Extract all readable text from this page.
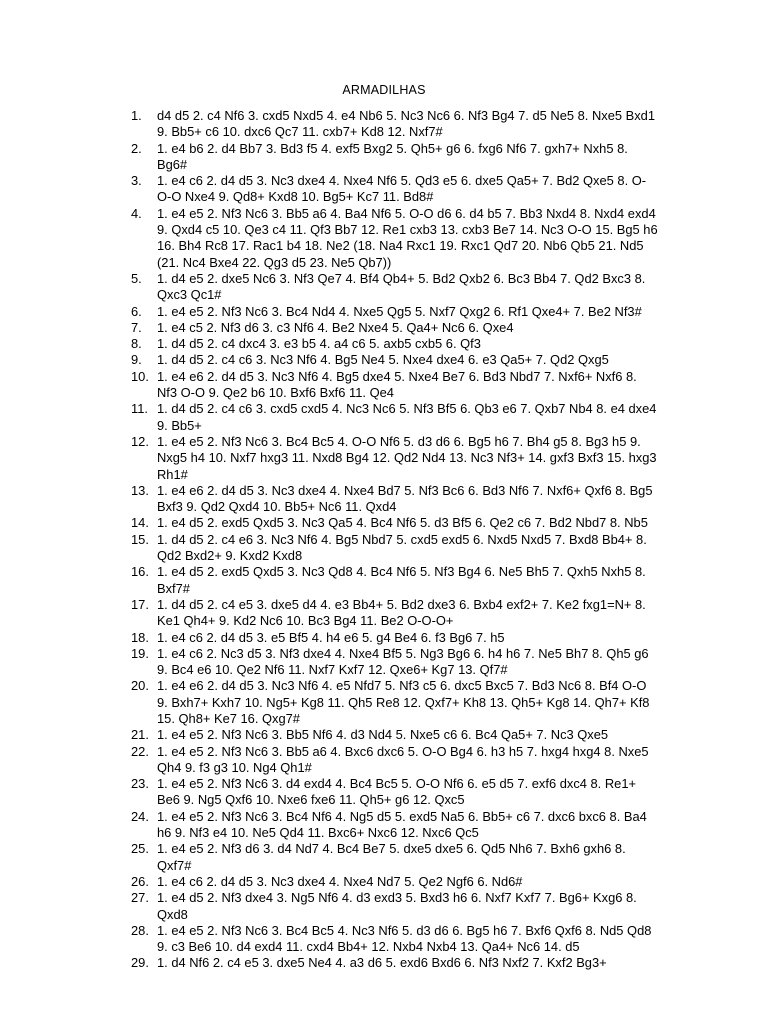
ARMADILHAS
1.	d4 d5 2. c4 Nf6 3. cxd5 Nxd5 4. e4 Nb6 5. Nc3 Nc6 6. Nf3 Bg4 7. d5 Ne5 8. Nxe5 Bxd1
9. Bb5+ c6 10. dxc6 Qc7 11. cxb7+ Kd8 12. Nxf7#
2.	1. e4 b6 2. d4 Bb7 3. Bd3 f5 4. exf5 Bxg2 5. Qh5+ g6 6. fxg6 Nf6 7. gxh7+ Nxh5 8.
Bg6#
3.	1. e4 c6 2. d4 d5 3. Nc3 dxe4 4. Nxe4 Nf6 5. Qd3 e5 6. dxe5 Qa5+ 7. Bd2 Qxe5 8. O-
O-O Nxe4 9. Qd8+ Kxd8 10. Bg5+ Kc7 11. Bd8#
4.	1. e4 e5 2. Nf3 Nc6 3. Bb5 a6 4. Ba4 Nf6 5. O-O d6 6. d4 b5 7. Bb3 Nxd4 8. Nxd4 exd4
9. Qxd4 c5 10. Qe3 c4 11. Qf3 Bb7 12. Re1 cxb3 13. cxb3 Be7 14. Nc3 O-O 15. Bg5 h6
16. Bh4 Rc8 17. Rac1 b4 18. Ne2 (18. Na4 Rxc1 19. Rxc1 Qd7 20. Nb6 Qb5 21. Nd5
(21. Nc4 Bxe4 22. Qg3 d5 23. Ne5 Qb7))
5.	1. d4 e5 2. dxe5 Nc6 3. Nf3 Qe7 4. Bf4 Qb4+ 5. Bd2 Qxb2 6. Bc3 Bb4 7. Qd2 Bxc3 8.
Qxc3 Qc1#
6.	1. e4 e5 2. Nf3 Nc6 3. Bc4 Nd4 4. Nxe5 Qg5 5. Nxf7 Qxg2 6. Rf1 Qxe4+ 7. Be2 Nf3#
7.	1. e4 c5 2. Nf3 d6 3. c3 Nf6 4. Be2 Nxe4 5. Qa4+ Nc6 6. Qxe4
8.	1. d4 d5 2. c4 dxc4 3. e3 b5 4. a4 c6 5. axb5 cxb5 6. Qf3
9.	1. d4 d5 2. c4 c6 3. Nc3 Nf6 4. Bg5 Ne4 5. Nxe4 dxe4 6. e3 Qa5+ 7. Qd2 Qxg5
10. 1. e4 e6 2. d4 d5 3. Nc3 Nf6 4. Bg5 dxe4 5. Nxe4 Be7 6. Bd3 Nbd7 7. Nxf6+ Nxf6 8.
Nf3 O-O 9. Qe2 b6 10. Bxf6 Bxf6 11. Qe4
11. 1. d4 d5 2. c4 c6 3. cxd5 cxd5 4. Nc3 Nc6 5. Nf3 Bf5 6. Qb3 e6 7. Qxb7 Nb4 8. e4 dxe4
9. Bb5+
12. 1. e4 e5 2. Nf3 Nc6 3. Bc4 Bc5 4. O-O Nf6 5. d3 d6 6. Bg5 h6 7. Bh4 g5 8. Bg3 h5 9.
Nxg5 h4 10. Nxf7 hxg3 11. Nxd8 Bg4 12. Qd2 Nd4 13. Nc3 Nf3+ 14. gxf3 Bxf3 15. hxg3
Rh1#
13. 1. e4 e6 2. d4 d5 3. Nc3 dxe4 4. Nxe4 Bd7 5. Nf3 Bc6 6. Bd3 Nf6 7. Nxf6+ Qxf6 8. Bg5
Bxf3 9. Qd2 Qxd4 10. Bb5+ Nc6 11. Qxd4
14. 1. e4 d5 2. exd5 Qxd5 3. Nc3 Qa5 4. Bc4 Nf6 5. d3 Bf5 6. Qe2 c6 7. Bd2 Nbd7 8. Nb5
15. 1. d4 d5 2. c4 e6 3. Nc3 Nf6 4. Bg5 Nbd7 5. cxd5 exd5 6. Nxd5 Nxd5 7. Bxd8 Bb4+ 8.
Qd2 Bxd2+ 9. Kxd2 Kxd8
16. 1. e4 d5 2. exd5 Qxd5 3. Nc3 Qd8 4. Bc4 Nf6 5. Nf3 Bg4 6. Ne5 Bh5 7. Qxh5 Nxh5 8.
Bxf7#
17. 1. d4 d5 2. c4 e5 3. dxe5 d4 4. e3 Bb4+ 5. Bd2 dxe3 6. Bxb4 exf2+ 7. Ke2 fxg1=N+ 8.
Ke1 Qh4+ 9. Kd2 Nc6 10. Bc3 Bg4 11. Be2 O-O-O+
18. 1. e4 c6 2. d4 d5 3. e5 Bf5 4. h4 e6 5. g4 Be4 6. f3 Bg6 7. h5
19. 1. e4 c6 2. Nc3 d5 3. Nf3 dxe4 4. Nxe4 Bf5 5. Ng3 Bg6 6. h4 h6 7. Ne5 Bh7 8. Qh5 g6
9. Bc4 e6 10. Qe2 Nf6 11. Nxf7 Kxf7 12. Qxe6+ Kg7 13. Qf7#
20. 1. e4 e6 2. d4 d5 3. Nc3 Nf6 4. e5 Nfd7 5. Nf3 c5 6. dxc5 Bxc5 7. Bd3 Nc6 8. Bf4 O-O
9. Bxh7+ Kxh7 10. Ng5+ Kg8 11. Qh5 Re8 12. Qxf7+ Kh8 13. Qh5+ Kg8 14. Qh7+ Kf8
15. Qh8+ Ke7 16. Qxg7#
21. 1. e4 e5 2. Nf3 Nc6 3. Bb5 Nf6 4. d3 Nd4 5. Nxe5 c6 6. Bc4 Qa5+ 7. Nc3 Qxe5
22. 1. e4 e5 2. Nf3 Nc6 3. Bb5 a6 4. Bxc6 dxc6 5. O-O Bg4 6. h3 h5 7. hxg4 hxg4 8. Nxe5
Qh4 9. f3 g3 10. Ng4 Qh1#
23. 1. e4 e5 2. Nf3 Nc6 3. d4 exd4 4. Bc4 Bc5 5. O-O Nf6 6. e5 d5 7. exf6 dxc4 8. Re1+
Be6 9. Ng5 Qxf6 10. Nxe6 fxe6 11. Qh5+ g6 12. Qxc5
24. 1. e4 e5 2. Nf3 Nc6 3. Bc4 Nf6 4. Ng5 d5 5. exd5 Na5 6. Bb5+ c6 7. dxc6 bxc6 8. Ba4
h6 9. Nf3 e4 10. Ne5 Qd4 11. Bxc6+ Nxc6 12. Nxc6 Qc5
25. 1. e4 e5 2. Nf3 d6 3. d4 Nd7 4. Bc4 Be7 5. dxe5 dxe5 6. Qd5 Nh6 7. Bxh6 gxh6 8.
Qxf7#
26. 1. e4 c6 2. d4 d5 3. Nc3 dxe4 4. Nxe4 Nd7 5. Qe2 Ngf6 6. Nd6#
27. 1. e4 d5 2. Nf3 dxe4 3. Ng5 Nf6 4. d3 exd3 5. Bxd3 h6 6. Nxf7 Kxf7 7. Bg6+ Kxg6 8.
Qxd8
28. 1. e4 e5 2. Nf3 Nc6 3. Bc4 Bc5 4. Nc3 Nf6 5. d3 d6 6. Bg5 h6 7. Bxf6 Qxf6 8. Nd5 Qd8
9. c3 Be6 10. d4 exd4 11. cxd4 Bb4+ 12. Nxb4 Nxb4 13. Qa4+ Nc6 14. d5
29. 1. d4 Nf6 2. c4 e5 3. dxe5 Ne4 4. a3 d6 5. exd6 Bxd6 6. Nf3 Nxf2 7. Kxf2 Bg3+
